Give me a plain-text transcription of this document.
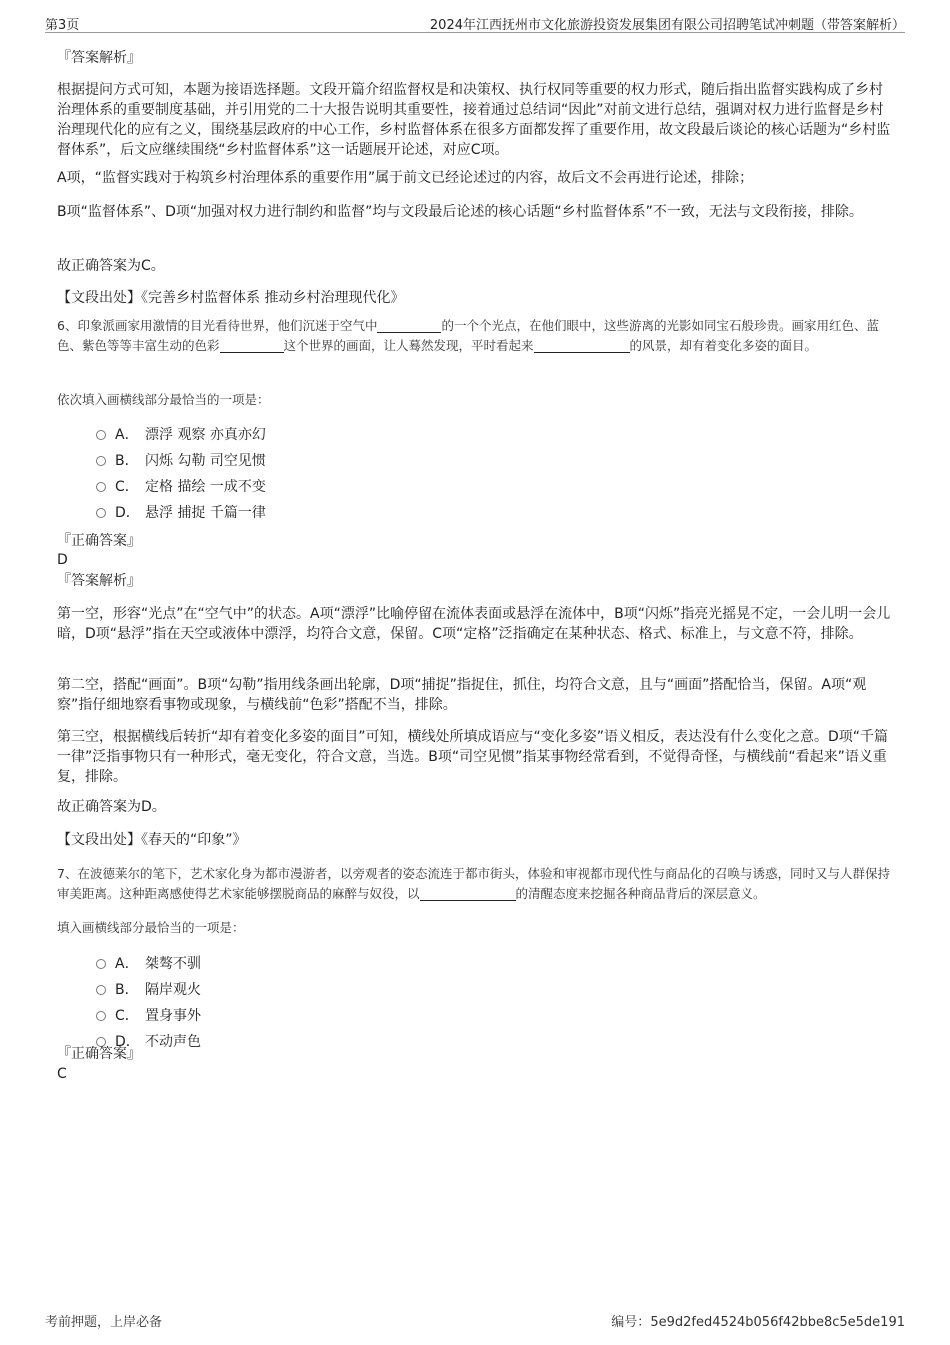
第3页	2024年江西抚州市文化旅游投资发展集团有限公司招聘笔试冲刺题（带答案解析）
『答案解析』

根据提问方式可知，本题为接语选择题。文段开篇介绍监督权是和决策权、执行权同等重要的权力形式，随后指出监督实践构成了乡村治理体系的重要制度基础，并引用党的二十大报告说明其重要性，接着通过总结词“因此”对前文进行总结，强调对权力进行监督是乡村治理现代化的应有之义，围绕基层政府的中心工作，乡村监督体系在很多方面都发挥了重要作用，故文段最后谈论的核心话题为“乡村监督体系”，后文应继续围绕“乡村监督体系”这一话题展开论述，对应C项。

A项，“监督实践对于构筑乡村治理体系的重要作用”属于前文已经论述过的内容，故后文不会再进行论述，排除；

B项“监督体系”、D项“加强对权力进行制约和监督”均与文段最后论述的核心话题“乡村监督体系”不一致，无法与文段衔接，排除。

故正确答案为C。

【文段出处】《完善乡村监督体系 推动乡村治理现代化》

6、印象派画家用激情的目光看待世界，他们沉迷于空气中	的一个个光点，在他们眼中，这些游离的光影如同宝石般珍贵。画家用红色、蓝色、紫色等等丰富生动的色彩	这个世界的画面，让人蓦然发现，平时看起来	的风景，却有着变化多姿的面目。

依次填入画横线部分最恰当的一项是：
A． 漂浮 观察 亦真亦幻
B． 闪烁 勾勒 司空见惯
C． 定格 描绘 一成不变
D． 悬浮 捕捉 千篇一律
『正确答案』
D
『答案解析』

第一空，形容“光点”在“空气中”的状态。A项“漂浮”比喻停留在流体表面或悬浮在流体中，B项“闪烁”指亮光摇晃不定，一会儿明一会儿暗，D项“悬浮”指在天空或液体中漂浮，均符合文意，保留。C项“定格”泛指确定在某种状态、格式、标准上，与文意不符，排除。

第二空，搭配“画面”。B项“勾勒”指用线条画出轮廓，D项“捕捉”指捉住，抓住，均符合文意，且与“画面”搭配恰当，保留。A项“观察”指仔细地察看事物或现象，与横线前“色彩”搭配不当，排除。

第三空，根据横线后转折“却有着变化多姿的面目”可知，横线处所填成语应与“变化多姿”语义相反，表达没有什么变化之意。D项“千篇一律”泛指事物只有一种形式，毫无变化，符合文意，当选。B项“司空见惯”指某事物经常看到，不觉得奇怪，与横线前“看起来”语义重复，排除。

故正确答案为D。

【文段出处】《春天的“印象”》

7、在波德莱尔的笔下，艺术家化身为都市漫游者，以旁观者的姿态流连于都市街头，体验和审视都市现代性与商品化的召唤与诱惑，同时又与人群保持审美距离。这种距离感使得艺术家能够摆脱商品的麻醉与奴役，以	的清醒态度来挖掘各种商品背后的深层意义。

填入画横线部分最恰当的一项是：
A． 桀骜不驯
B． 隔岸观火
C． 置身事外
D． 不动声色
『正确答案』
C
考前押题，上岸必备	编号：5e9d2fed4524b056f42bbe8c5e5de191
